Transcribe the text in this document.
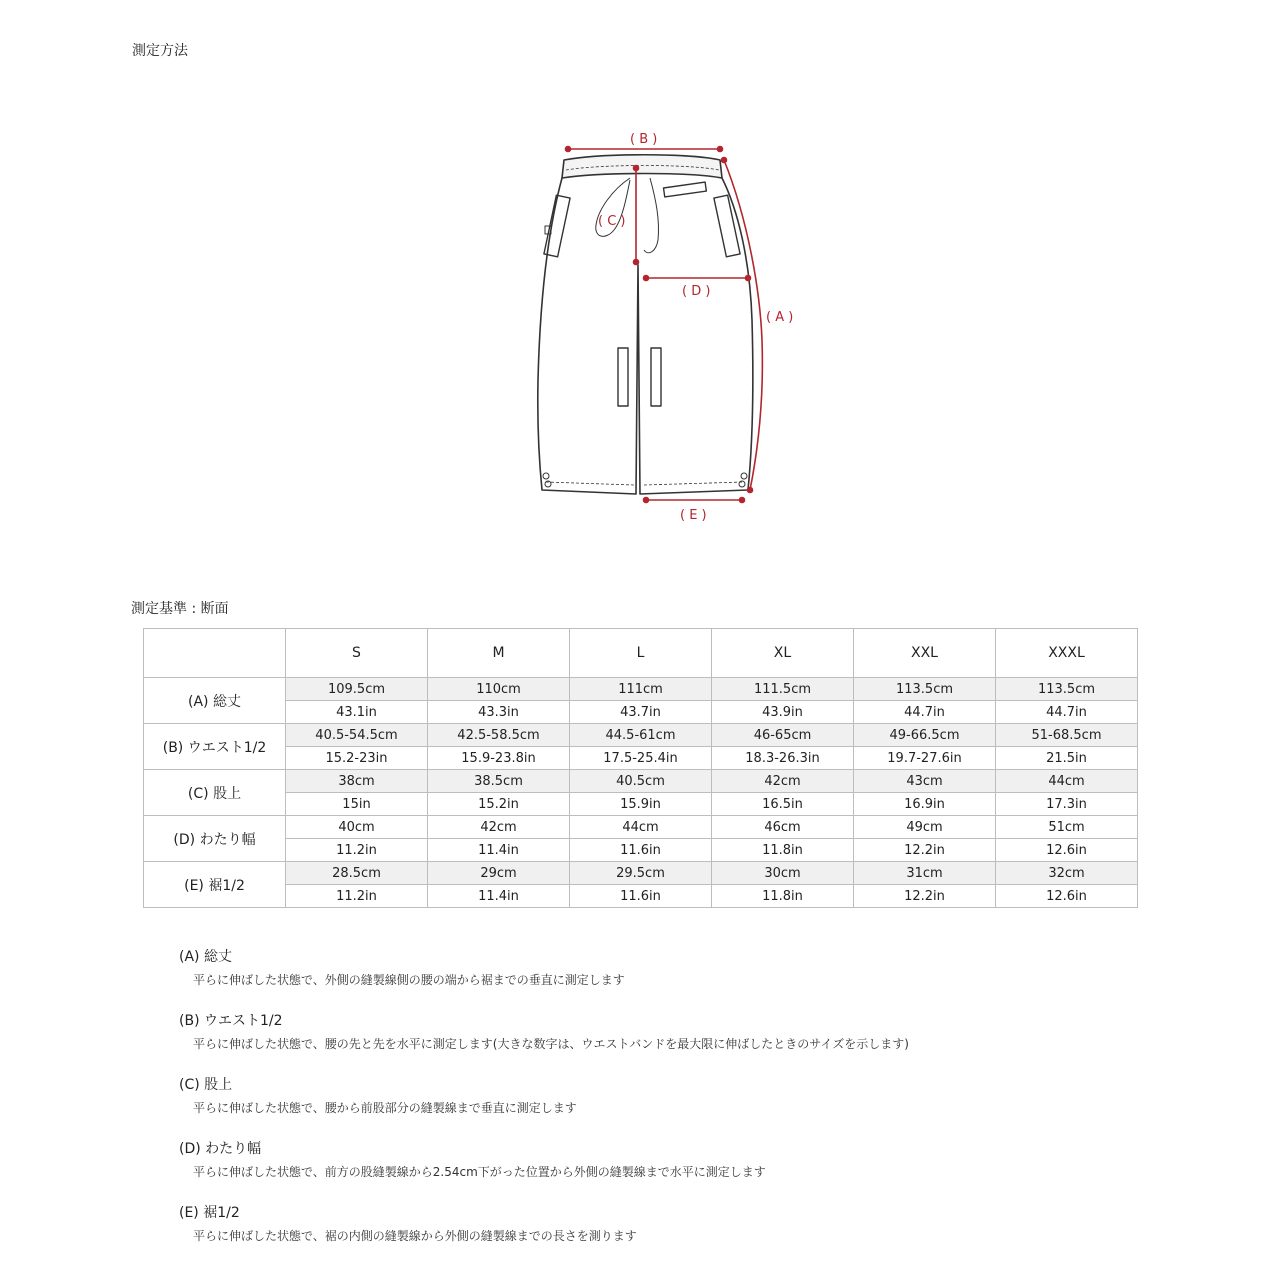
測定方法
( B )
( C )
( D )
( A )
( E )
測定基準 : 断面
	S	M	L	XL	XXL	XXXL
(A) 総丈	109.5cm	110cm	111cm	111.5cm	113.5cm	113.5cm
	43.1in	43.3in	43.7in	43.9in	44.7in	44.7in
(B) ウエスト1/2	40.5-54.5cm	42.5-58.5cm	44.5-61cm	46-65cm	49-66.5cm	51-68.5cm
	15.2-23in	15.9-23.8in	17.5-25.4in	18.3-26.3in	19.7-27.6in	21.5in
(C) 股上	38cm	38.5cm	40.5cm	42cm	43cm	44cm
	15in	15.2in	15.9in	16.5in	16.9in	17.3in
(D) わたり幅	40cm	42cm	44cm	46cm	49cm	51cm
	11.2in	11.4in	11.6in	11.8in	12.2in	12.6in
(E) 裾1/2	28.5cm	29cm	29.5cm	30cm	31cm	32cm
	11.2in	11.4in	11.6in	11.8in	12.2in	12.6in
(A) 総丈
平らに伸ばした状態で、外側の縫製線側の腰の端から裾までの垂直に測定します
(B) ウエスト1/2
平らに伸ばした状態で、腰の先と先を水平に測定します(大きな数字は、ウエストバンドを最大限に伸ばしたときのサイズを示します)
(C) 股上
平らに伸ばした状態で、腰から前股部分の縫製線まで垂直に測定します
(D) わたり幅
平らに伸ばした状態で、前方の股縫製線から2.54cm下がった位置から外側の縫製線まで水平に測定します
(E) 裾1/2
平らに伸ばした状態で、裾の内側の縫製線から外側の縫製線までの長さを測ります
